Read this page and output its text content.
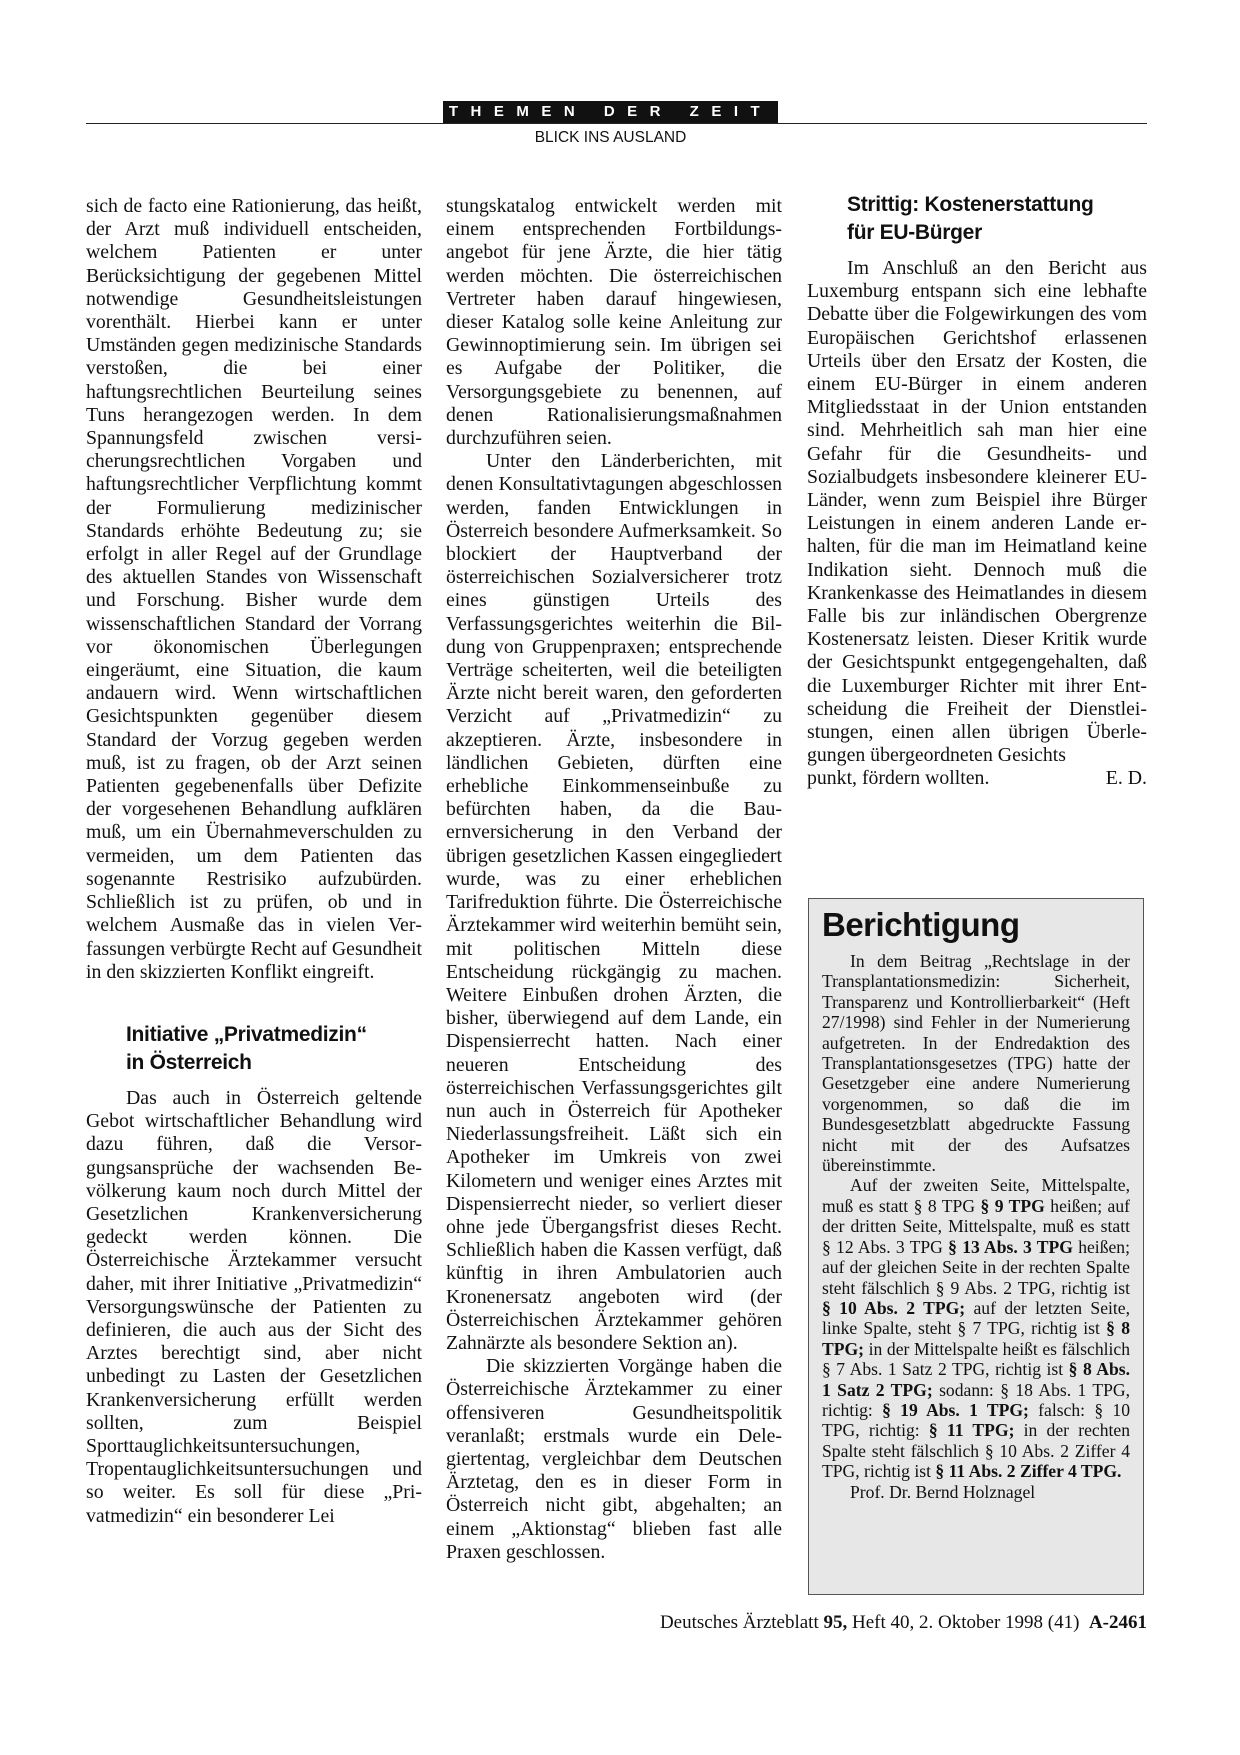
THEMEN DER ZEIT
BLICK INS AUSLAND

sich de facto eine Rationierung, das heißt, der Arzt muß individuell entscheiden, welchem Patienten er unter Berücksichtigung der gegebenen Mittel notwendige Gesundheitsleistungen vorenthält. Hierbei kann er unter Umständen gegen medizinische Standards verstoßen, die bei einer haftungsrechtlichen Beurteilung seines Tuns herangezogen werden. In dem Spannungsfeld zwischen versicherungsrechtlichen Vorgaben und haftungsrechtlicher Verpflichtung kommt der Formulierung medizinischer Standards erhöhte Bedeutung zu; sie erfolgt in aller Regel auf der Grundlage des aktuellen Standes von Wissenschaft und Forschung. Bisher wurde dem wissenschaftlichen Standard der Vorrang vor ökonomischen Überlegungen eingeräumt, eine Situation, die kaum andauern wird. Wenn wirtschaftlichen Gesichtspunkten gegenüber diesem Standard der Vorzug gegeben werden muß, ist zu fragen, ob der Arzt seinen Patienten gegebenenfalls über Defizite der vorgesehenen Behandlung aufklären muß, um ein Übernahmeverschulden zu vermeiden, um dem Patienten das sogenannte Restrisiko aufzubürden. Schließlich ist zu prüfen, ob und in welchem Ausmaße das in vielen Verfassungen verbürgte Recht auf Gesundheit in den skizzierten Konflikt eingreift.

Initiative „Privatmedizin“
in Österreich

Das auch in Österreich geltende Gebot wirtschaftlicher Behandlung wird dazu führen, daß die Versorgungsansprüche der wachsenden Bevölkerung kaum noch durch Mittel der Gesetzlichen Krankenversicherung gedeckt werden können. Die Österreichische Ärztekammer versucht daher, mit ihrer Initiative „Privatmedizin“ Versorgungswünsche der Patienten zu definieren, die auch aus der Sicht des Arztes berechtigt sind, aber nicht unbedingt zu Lasten der Gesetzlichen Krankenversicherung erfüllt werden sollten, zum Beispiel Sporttauglichkeitsuntersuchungen, Tropentauglichkeitsuntersuchungen und so weiter. Es soll für diese „Privatmedizin“ ein besonderer Lei

stungskatalog entwickelt werden mit einem entsprechenden Fortbildungsangebot für jene Ärzte, die hier tätig werden möchten. Die österreichischen Vertreter haben darauf hingewiesen, dieser Katalog solle keine Anleitung zur Gewinnoptimierung sein. Im übrigen sei es Aufgabe der Politiker, die Versorgungsgebiete zu benennen, auf denen Rationalisierungsmaßnahmen durchzuführen seien.

Unter den Länderberichten, mit denen Konsultativtagungen abgeschlossen werden, fanden Entwicklungen in Österreich besondere Aufmerksamkeit. So blockiert der Hauptverband der österreichischen Sozialversicherer trotz eines günstigen Urteils des Verfassungsgerichtes weiterhin die Bildung von Gruppenpraxen; entsprechende Verträge scheiterten, weil die beteiligten Ärzte nicht bereit waren, den geforderten Verzicht auf „Privatmedizin“ zu akzeptieren. Ärzte, insbesondere in ländlichen Gebieten, dürften eine erhebliche Einkommenseinbuße zu befürchten haben, da die Bauernversicherung in den Verband der übrigen gesetzlichen Kassen eingegliedert wurde, was zu einer erheblichen Tarifreduktion führte. Die Österreichische Ärztekammer wird weiterhin bemüht sein, mit politischen Mitteln diese Entscheidung rückgängig zu machen. Weitere Einbußen drohen Ärzten, die bisher, überwiegend auf dem Lande, ein Dispensierrecht hatten. Nach einer neueren Entscheidung des österreichischen Verfassungsgerichtes gilt nun auch in Österreich für Apotheker Niederlassungsfreiheit. Läßt sich ein Apotheker im Umkreis von zwei Kilometern und weniger eines Arztes mit Dispensierrecht nieder, so verliert dieser ohne jede Übergangsfrist dieses Recht. Schließlich haben die Kassen verfügt, daß künftig in ihren Ambulatorien auch Kronenersatz angeboten wird (der Österreichischen Ärztekammer gehören Zahnärzte als besondere Sektion an).

Die skizzierten Vorgänge haben die Österreichische Ärztekammer zu einer offensiveren Gesundheitspolitik veranlaßt; erstmals wurde ein Delegiertentag, vergleichbar dem Deutschen Ärztetag, den es in dieser Form in Österreich nicht gibt, abgehalten; an einem „Aktionstag“ blieben fast alle Praxen geschlossen.

Strittig: Kostenerstattung
für EU-Bürger

Im Anschluß an den Bericht aus Luxemburg entspann sich eine lebhafte Debatte über die Folgewirkungen des vom Europäischen Gerichtshof erlassenen Urteils über den Ersatz der Kosten, die einem EU-Bürger in einem anderen Mitgliedsstaat in der Union entstanden sind. Mehrheitlich sah man hier eine Gefahr für die Gesundheits- und Sozialbudgets insbesondere kleinerer EU-Länder, wenn zum Beispiel ihre Bürger Leistungen in einem anderen Lande erhalten, für die man im Heimatland keine Indikation sieht. Dennoch muß die Krankenkasse des Heimatlandes in diesem Falle bis zur inländischen Obergrenze Kostenersatz leisten. Dieser Kritik wurde der Gesichtspunkt entgegengehalten, daß die Luxemburger Richter mit ihrer Entscheidung die Freiheit der Dienstleistungen, einen allen übrigen Überlegungen übergeordneten Gesichts

punkt, fördern wollten.	E. D.
Berichtigung

In dem Beitrag „Rechtslage in der Transplantationsmedizin: Sicherheit, Transparenz und Kontrollierbarkeit“ (Heft 27/1998) sind Fehler in der Numerierung aufgetreten. In der Endredaktion des Transplantationsgesetzes (TPG) hatte der Gesetzgeber eine andere Numerierung vorgenommen, so daß die im Bundesgesetzblatt abgedruckte Fassung nicht mit der des Aufsatzes übereinstimmte.

Auf der zweiten Seite, Mittelspalte, muß es statt § 8 TPG § 9 TPG heißen; auf der dritten Seite, Mittelspalte, muß es statt § 12 Abs. 3 TPG § 13 Abs. 3 TPG heißen; auf der gleichen Seite in der rechten Spalte steht fälschlich § 9 Abs. 2 TPG, richtig ist § 10 Abs. 2 TPG; auf der letzten Seite, linke Spalte, steht § 7 TPG, richtig ist § 8 TPG; in der Mittelspalte heißt es fälschlich § 7 Abs. 1 Satz 2 TPG, richtig ist § 8 Abs. 1 Satz 2 TPG; sodann: § 18 Abs. 1 TPG, richtig: § 19 Abs. 1 TPG; falsch: § 10 TPG, richtig: § 11 TPG; in der rechten Spalte steht fälschlich § 10 Abs. 2 Ziffer 4 TPG, richtig ist § 11 Abs. 2 Ziffer 4 TPG.

Prof. Dr. Bernd Holznagel

Deutsches Ärzteblatt 95, Heft 40, 2. Oktober 1998 (41) A-2461
